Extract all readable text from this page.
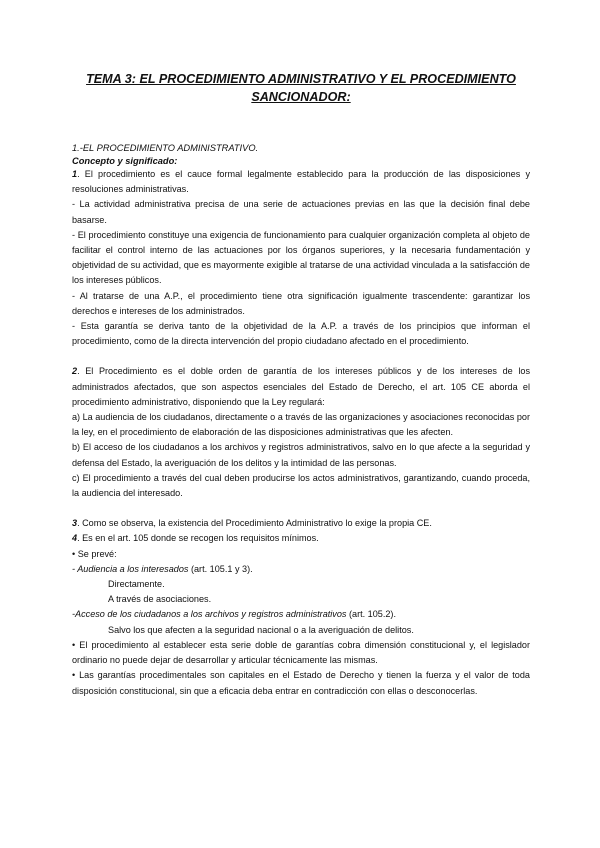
TEMA 3: EL PROCEDIMIENTO ADMINISTRATIVO Y EL PROCEDIMIENTO
SANCIONADOR:
1.-EL PROCEDIMIENTO ADMINISTRATIVO.
Concepto y significado:

1. El procedimiento es el cauce formal legalmente establecido para la producción de las disposiciones y resoluciones administrativas.

- La actividad administrativa precisa de una serie de actuaciones previas en las que la decisión final debe basarse.

- El procedimiento constituye una exigencia de funcionamiento para cualquier organización completa al objeto de facilitar el control interno de las actuaciones por los órganos superiores, y la necesaria fundamentación y objetividad de su actividad, que es mayormente exigible al tratarse de una actividad vinculada a la satisfacción de los intereses públicos.

- Al tratarse de una A.P., el procedimiento tiene otra significación igualmente trascendente: garantizar los derechos e intereses de los administrados.

- Esta garantía se deriva tanto de la objetividad de la A.P. a través de los principios que informan el procedimiento, como de la directa intervención del propio ciudadano afectado en el procedimiento.

2. El Procedimiento es el doble orden de garantía de los intereses públicos y de los intereses de los administrados afectados, que son aspectos esenciales del Estado de Derecho, el art. 105 CE aborda el procedimiento administrativo, disponiendo que la Ley regulará:

a) La audiencia de los ciudadanos, directamente o a través de las organizaciones y asociaciones reconocidas por la ley, en el procedimiento de elaboración de las disposiciones administrativas que les afecten.

b) El acceso de los ciudadanos a los archivos y registros administrativos, salvo en lo que afecte a la seguridad y defensa del Estado, la averiguación de los delitos y la intimidad de las personas.

c) El procedimiento a través del cual deben producirse los actos administrativos, garantizando, cuando proceda, la audiencia del interesado.

3. Como se observa, la existencia del Procedimiento Administrativo lo exige la propia CE.

4. Es en el art. 105 donde se recogen los requisitos mínimos.

• Se prevé:

- Audiencia a los interesados (art. 105.1 y 3).

Directamente.

A través de asociaciones.

-Acceso de los ciudadanos a los archivos y registros administrativos (art. 105.2).

Salvo los que afecten a la seguridad nacional o a la averiguación de delitos.

• El procedimiento al establecer esta serie doble de garantías cobra dimensión constitucional y, el legislador ordinario no puede dejar de desarrollar y articular técnicamente las mismas.

• Las garantías procedimentales son capitales en el Estado de Derecho y tienen la fuerza y el valor de toda disposición constitucional, sin que a eficacia deba entrar en contradicción con ellas o desconocerlas.
